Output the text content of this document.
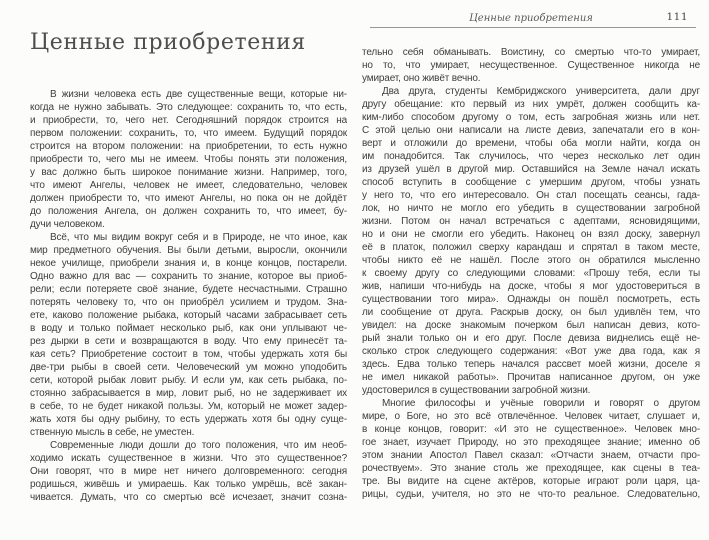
Ценные приобретения

В жизни человека есть две существенные вещи, которые ни-
когда не нужно забывать. Это следующее: сохранить то, что есть,
и приобрести, то, чего нет. Сегодняшний порядок строится на
первом положении: сохранить, то, что имеем. Будущий порядок
строится на втором положении: на приобретении, то есть нужно
приобрести то, чего мы не имеем. Чтобы понять эти положения,
у вас должно быть широкое понимание жизни. Например, того,
что имеют Ангелы, человек не имеет, следовательно, человек
должен приобрести то, что имеют Ангелы, но пока он не дойдёт
до положения Ангела, он должен сохранить то, что имеет, бу-
дучи человеком.

Всё, что мы видим вокруг себя и в Природе, не что иное, как
мир предметного обучения. Вы были детьми, выросли, окончили
некое училище, приобрели знания и, в конце концов, постарели.
Одно важно для вас — сохранить то знание, которое вы приоб-
рели; если потеряете своё знание, будете несчастными. Страшно
потерять человеку то, что он приобрёл усилием и трудом. Зна-
ете, каково положение рыбака, который часами забрасывает сеть
в воду и только поймает несколько рыб, как они уплывают че-
рез дырки в сети и возвращаются в воду. Что ему принесёт та-
кая сеть? Приобретение состоит в том, чтобы удержать хотя бы
две-три рыбы в своей сети. Человеческий ум можно уподобить
сети, которой рыбак ловит рыбу. И если ум, как сеть рыбака, по-
стоянно забрасывается в мир, ловит рыб, но не задерживает их
в себе, то не будет никакой пользы. Ум, который не может задер-
жать хотя бы одну рыбину, то есть удержать хотя бы одну суще-
ственную мысль в себе, не уместен.

Современные люди дошли до того положения, что им необ-
ходимо искать существенное в жизни. Что это существенное?
Они говорят, что в мире нет ничего долговременного: сегодня
родишься, живёшь и умираешь. Как только умрёшь, всё закан-
чивается. Думать, что со смертью всё исчезает, значит созна-

Ценные приобретения	111

тельно себя обманывать. Воистину, со смертью что-то умирает,
но то, что умирает, несущественное. Существенное никогда не
умирает, оно живёт вечно.

Два друга, студенты Кембриджского университета, дали друг
другу обещание: кто первый из них умрёт, должен сообщить ка-
ким-либо способом другому о том, есть загробная жизнь или нет.
С этой целью они написали на листе девиз, запечатали его в кон-
верт и отложили до времени, чтобы оба могли найти, когда он
им понадобится. Так случилось, что через несколько лет один
из друзей ушёл в другой мир. Оставшийся на Земле начал искать
способ вступить в сообщение с умершим другом, чтобы узнать
у него то, что его интересовало. Он стал посещать сеансы, гада-
лок, но ничто не могло его убедить в существовании загробной
жизни. Потом он начал встречаться с адептами, ясновидящими,
но и они не смогли его убедить. Наконец он взял доску, завернул
её в платок, положил сверху карандаш и спрятал в таком месте,
чтобы никто её не нашёл. После этого он обратился мысленно
к своему другу со следующими словами: «Прошу тебя, если ты
жив, напиши что-нибудь на доске, чтобы я мог удостовериться в
существовании того мира». Однажды он пошёл посмотреть, есть
ли сообщение от друга. Раскрыв доску, он был удивлён тем, что
увидел: на доске знакомым почерком был написан девиз, кото-
рый знали только он и его друг. После девиза виднелись ещё не-
сколько строк следующего содержания: «Вот уже два года, как я
здесь. Едва только теперь начался рассвет моей жизни, доселе я
не имел никакой работы». Прочитав написанное другом, он уже
удостоверился в существовании загробной жизни.

Многие философы и учёные говорили и говорят о другом
мире, о Боге, но это всё отвлечённое. Человек читает, слушает и,
в конце концов, говорит: «И это не существенное». Человек мно-
гое знает, изучает Природу, но это преходящее знание; именно об
этом знании Апостол Павел сказал: «Отчасти знаем, отчасти про-
рочествуем». Это знание столь же преходящее, как сцены в теа-
тре. Вы видите на сцене актёров, которые играют роли царя, ца-
рицы, судьи, учителя, но это не что-то реальное. Следовательно,
